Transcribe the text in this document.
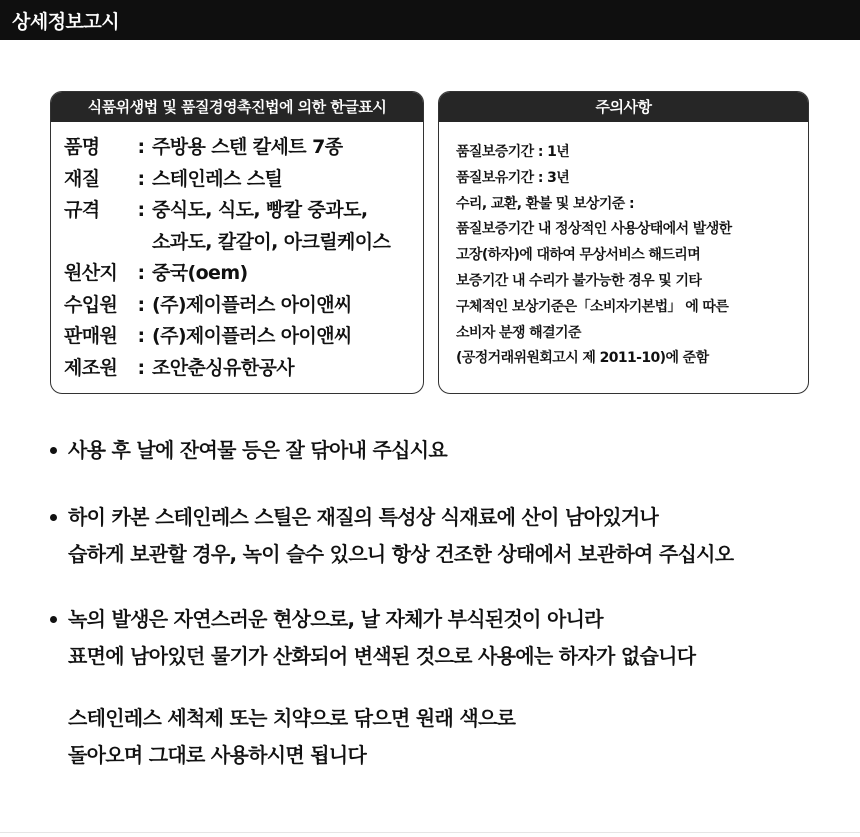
상세정보고시
식품위생법 및 품질경영촉진법에 의한 한글표시
품명	: 주방용 스텐 칼세트 7종
재질	: 스테인레스 스틸
규격	: 중식도, 식도, 빵칼 중과도,
소과도, 칼갈이, 아크릴케이스
원산지	: 중국(oem)
수입원	: (주)제이플러스 아이앤씨
판매원	: (주)제이플러스 아이앤씨
제조원	: 조안춘싱유한공사
주의사항
품질보증기간 : 1년
품질보유기간 : 3년
수리, 교환, 환불 및 보상기준 :
품질보증기간 내 정상적인 사용상태에서 발생한
고장(하자)에 대하여 무상서비스 해드리며
보증기간 내 수리가 불가능한 경우 및 기타
구체적인 보상기준은「소비자기본법」 에 따른
소비자 분쟁 해결기준
(공정거래위원회고시 제 2011-10)에 준함
사용 후 날에 잔여물 등은 잘 닦아내 주십시요
하이 카본 스테인레스 스틸은 재질의 특성상 식재료에 산이 남아있거나
습하게 보관할 경우, 녹이 슬수 있으니 항상 건조한 상태에서 보관하여 주십시오
녹의 발생은 자연스러운 현상으로, 날 자체가 부식된것이 아니라
표면에 남아있던 물기가 산화되어 변색된 것으로 사용에는 하자가 없습니다
스테인레스 세척제 또는 치약으로 닦으면 원래 색으로
돌아오며 그대로 사용하시면 됩니다
